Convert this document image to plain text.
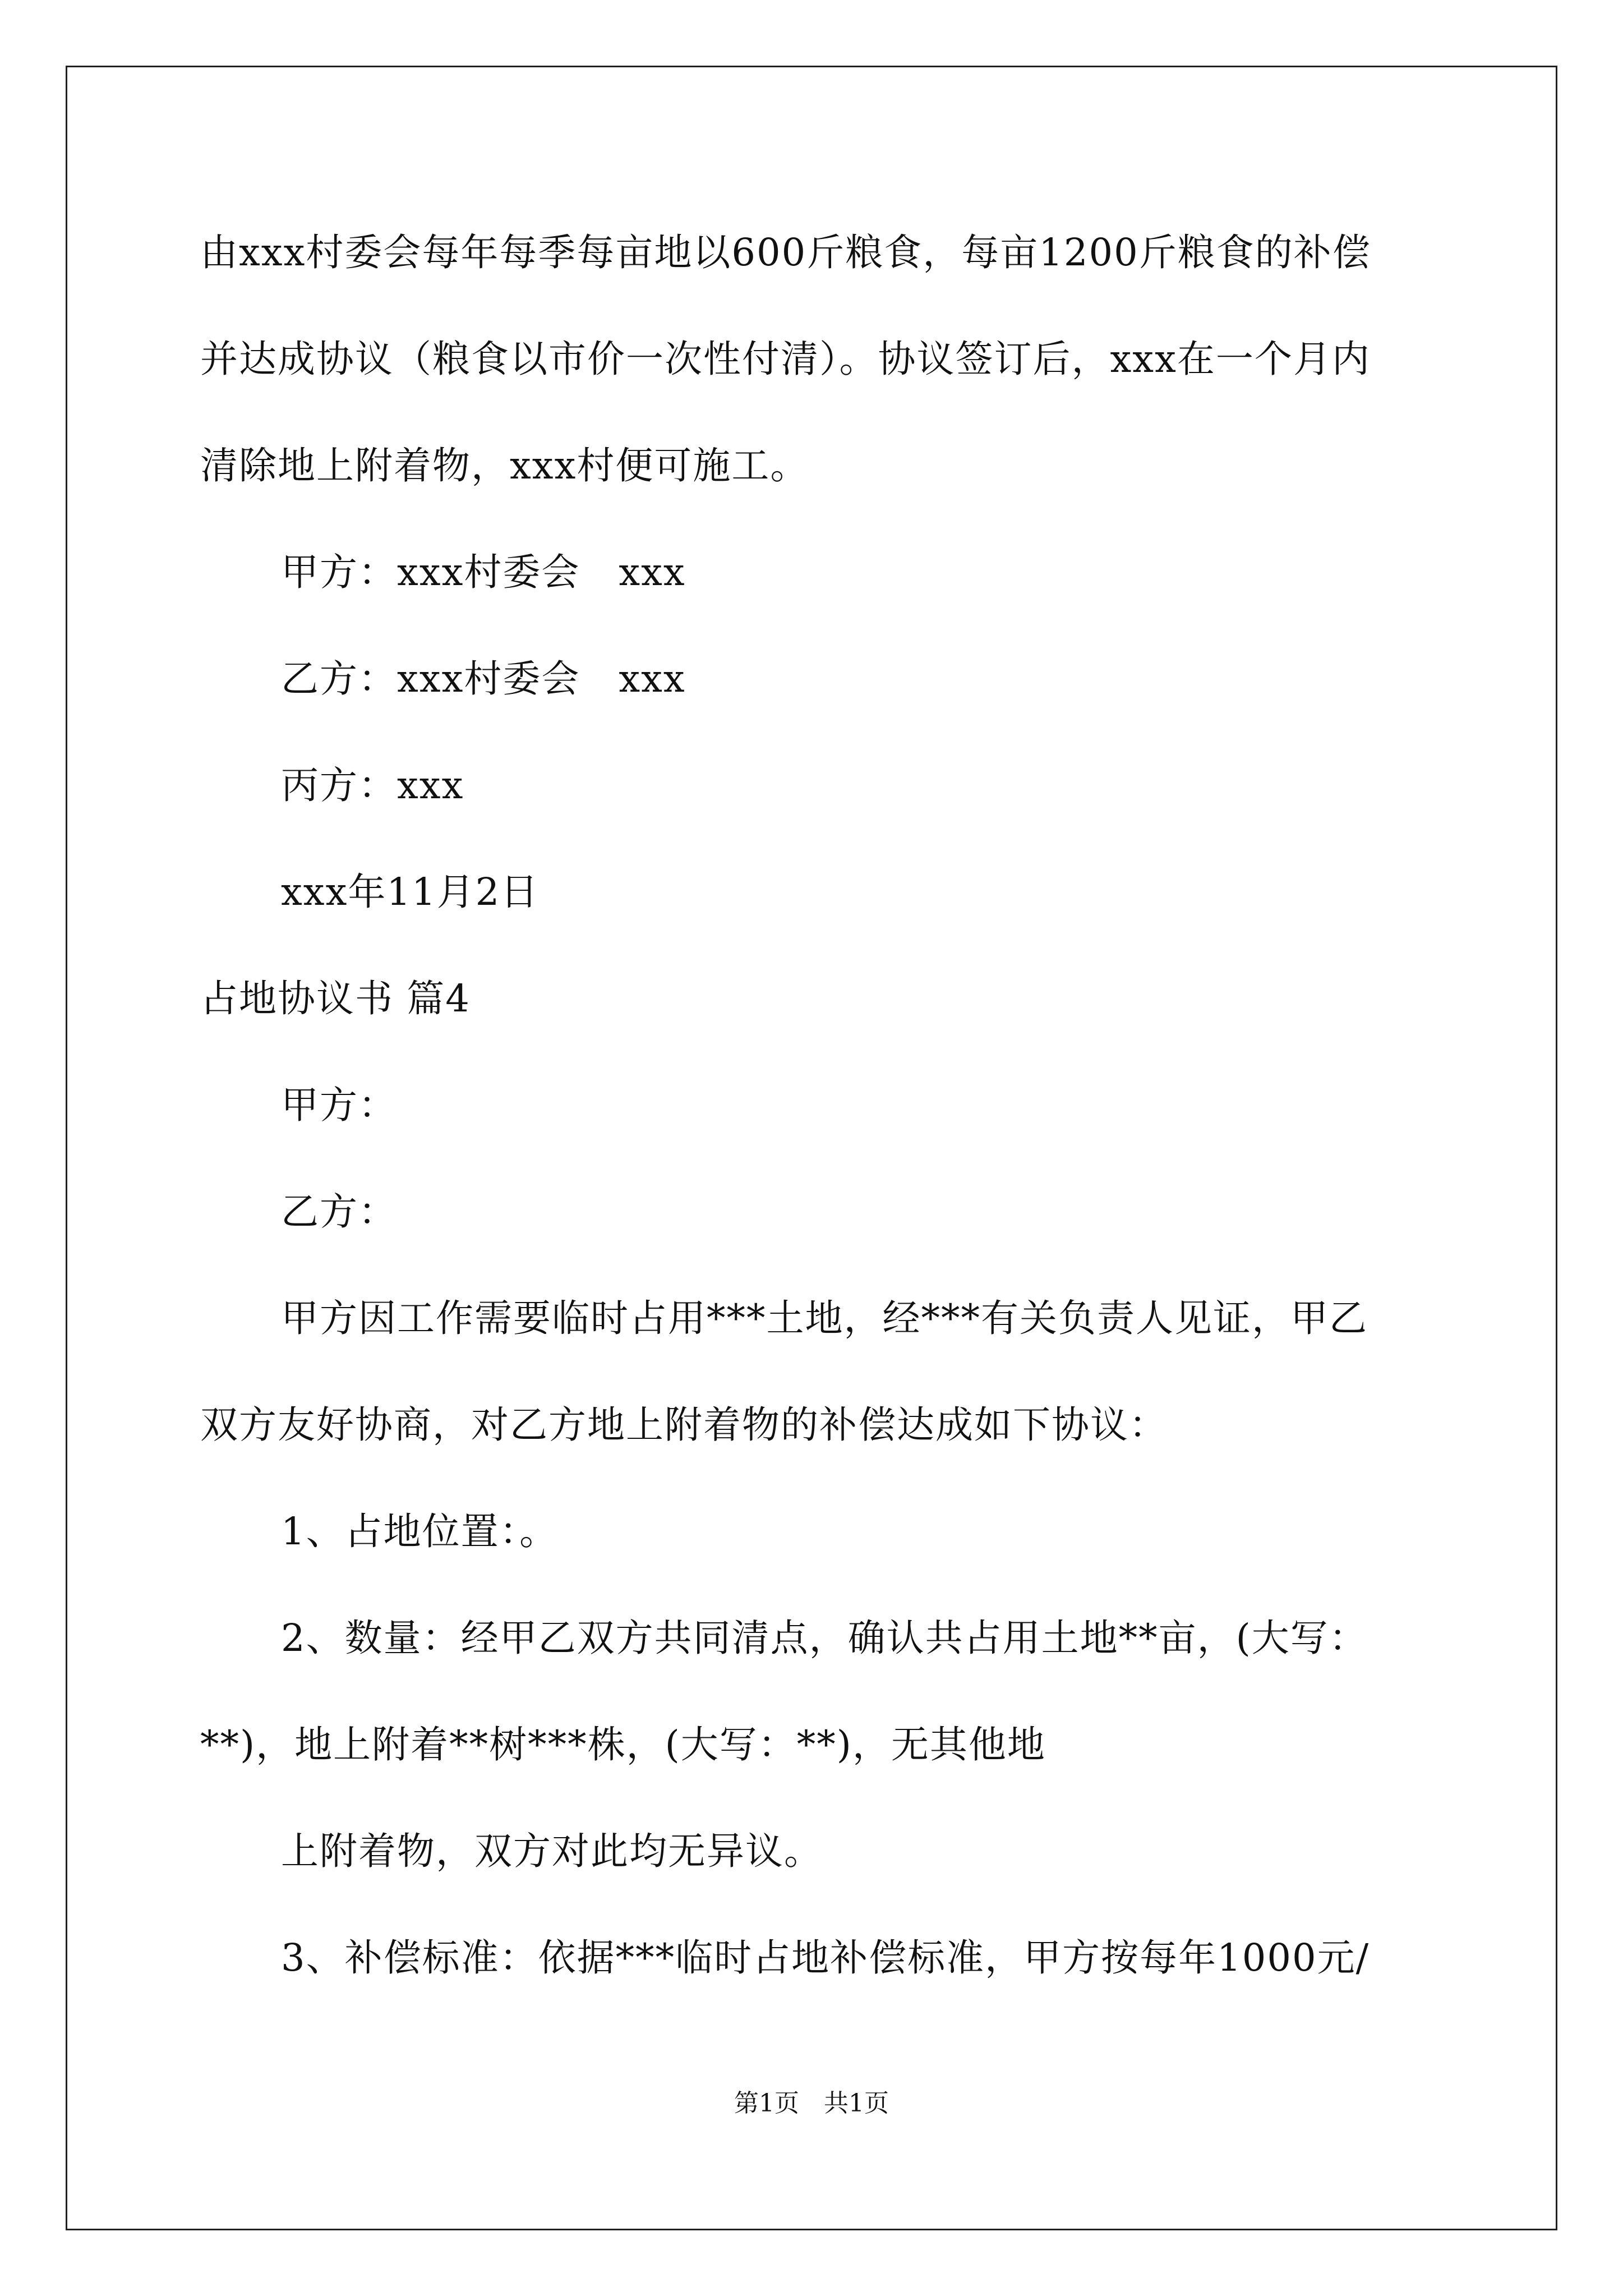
由xxx村委会每年每季每亩地以600斤粮食，每亩1200斤粮食的补偿
并达成协议（粮食以市价一次性付清）。协议签订后，xxx在一个月内
清除地上附着物，xxx村便可施工。
甲方：xxx村委会　xxx
乙方：xxx村委会　xxx
丙方：xxx
xxx年11月2日
占地协议书 篇4
甲方：
乙方：
甲方因工作需要临时占用***土地，经***有关负责人见证，甲乙
双方友好协商，对乙方地上附着物的补偿达成如下协议：
1、占地位置：。
2、数量：经甲乙双方共同清点，确认共占用土地**亩，(大写：
**)，地上附着**树***株，(大写：**)，无其他地
上附着物，双方对此均无异议。
3、补偿标准：依据***临时占地补偿标准，甲方按每年1000元/
第1页　共1页
